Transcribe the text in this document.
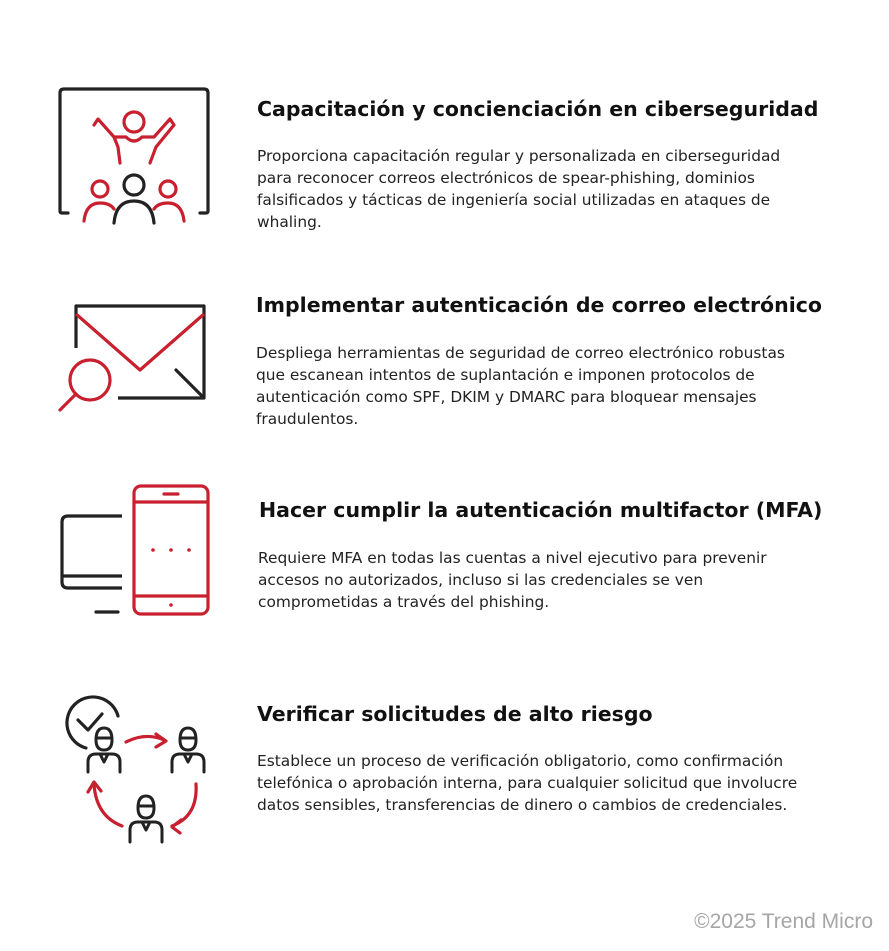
Capacitación y concienciación en ciberseguridad

Proporciona capacitación regular y personalizada en ciberseguridad para reconocer correos electrónicos de spear-phishing, dominios falsificados y tácticas de ingeniería social utilizadas en ataques de whaling.

Implementar autenticación de correo electrónico

Despliega herramientas de seguridad de correo electrónico robustas que escanean intentos de suplantación e imponen protocolos de autenticación como SPF, DKIM y DMARC para bloquear mensajes fraudulentos.

Hacer cumplir la autenticación multifactor (MFA)

Requiere MFA en todas las cuentas a nivel ejecutivo para prevenir accesos no autorizados, incluso si las credenciales se ven comprometidas a través del phishing.

Verificar solicitudes de alto riesgo

Establece un proceso de verificación obligatorio, como confirmación telefónica o aprobación interna, para cualquier solicitud que involucre datos sensibles, transferencias de dinero o cambios de credenciales.

©2025 Trend Micro
